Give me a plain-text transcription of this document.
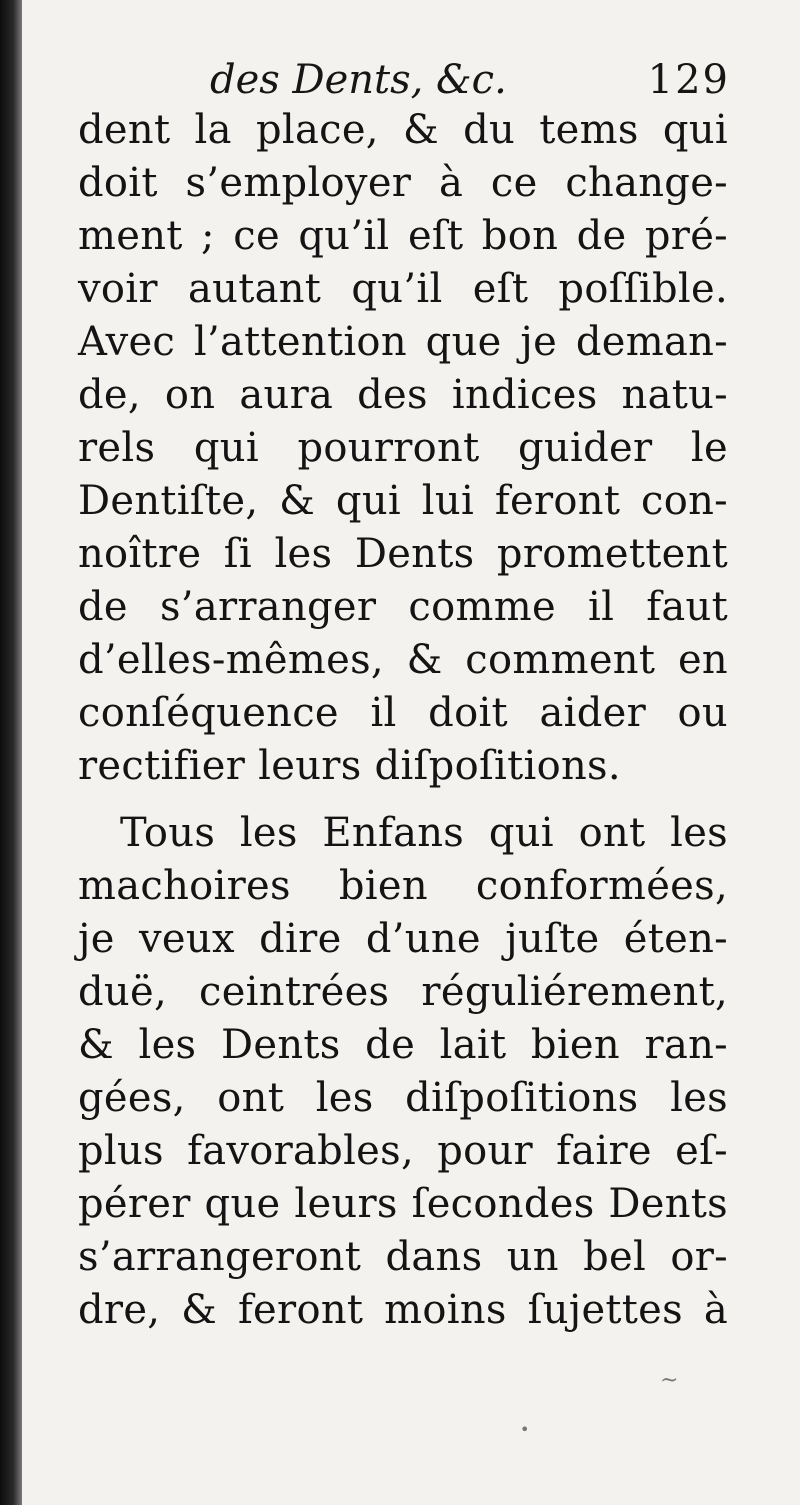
des Dents, &c.	129
dent la place, & du tems qui
doit s’employer à ce change-
ment ; ce qu’il eſt bon de pré-
voir autant qu’il eſt poſſible.
Avec l’attention que je deman-
de, on aura des indices natu-
rels qui pourront guider le
Dentiſte, & qui lui feront con-
noître ſi les Dents promettent
de s’arranger comme il faut
d’elles-mêmes, & comment en
conſéquence il doit aider ou
rectifier leurs diſpoſitions.
Tous les Enfans qui ont les
machoires bien conformées,
je veux dire d’une juſte éten-
duë, ceintrées réguliérement,
& les Dents de lait bien ran-
gées, ont les diſpoſitions les
plus favorables, pour faire eſ-
pérer que leurs ſecondes Dents
s’arrangeront dans un bel or-
dre, & feront moins ſujettes à
~
•
